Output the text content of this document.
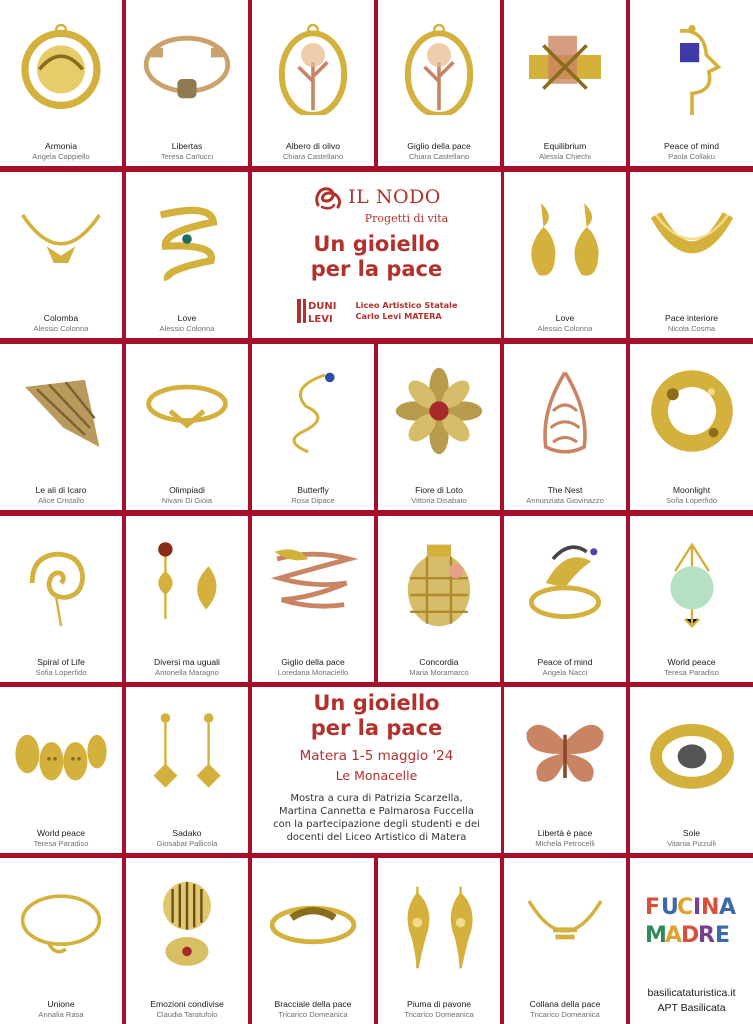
IL NODO
Progetti di vita
Un gioiello
per la pace
DUNI
LEVI
Liceo Artistico Statale
Carlo Levi MATERA
Un gioiello
per la pace
Matera 1-5 maggio '24
Le Monacelle
Mostra a cura di Patrizia Scarzella,
Martina Cannetta e Palmarosa Fuccella
con la partecipazione degli studenti e dei
docenti del Liceo Artistico di Matera
F U
C I N A
M
A
D
R E
basilicataturistica.it
APT Basilicata
Armonia
Angela Cappiello
Libertas
Teresa Carlucci
Albero di olivo
Chiara Castellano
Giglio della pace
Chiara Castellano
Equilibrium
Alessia Chiechi
Peace of mind
Paola Collaku
Colomba
Alessio Colonna
Love
Alessio Colonna
Love
Alessio Colonna
Pace interiore
Nicola Cosma
Le ali di Icaro
Alice Cristallo
Olimpiadi
Nivani Di Gioia
Butterfly
Rosa Dipace
Fiore di Loto
Vittoria Disabato
The Nest
Annunziata Giovinazzo
Moonlight
Sofia Loperfido
Spiral of Life
Sofia Loperfido
Diversi ma uguali
Antonella Maragno
Giglio della pace
Loredana Monaciello
Concordia
Maria Moramarco
Peace of mind
Angela Nacci
World peace
Teresa Paradiso
World peace
Teresa Paradiso
Sadako
Giosabat Pallicola
Libertà è pace
Michela Petrocelli
Sole
Vitania Pizzulli
Unione
Annalia Rasa
Emozioni condivise
Claudia Taratufolo
Bracciale della pace
Tricarico Domeanica
Piuma di pavone
Tricarico Domeanica
Collana della pace
Tricarico Domeanica
